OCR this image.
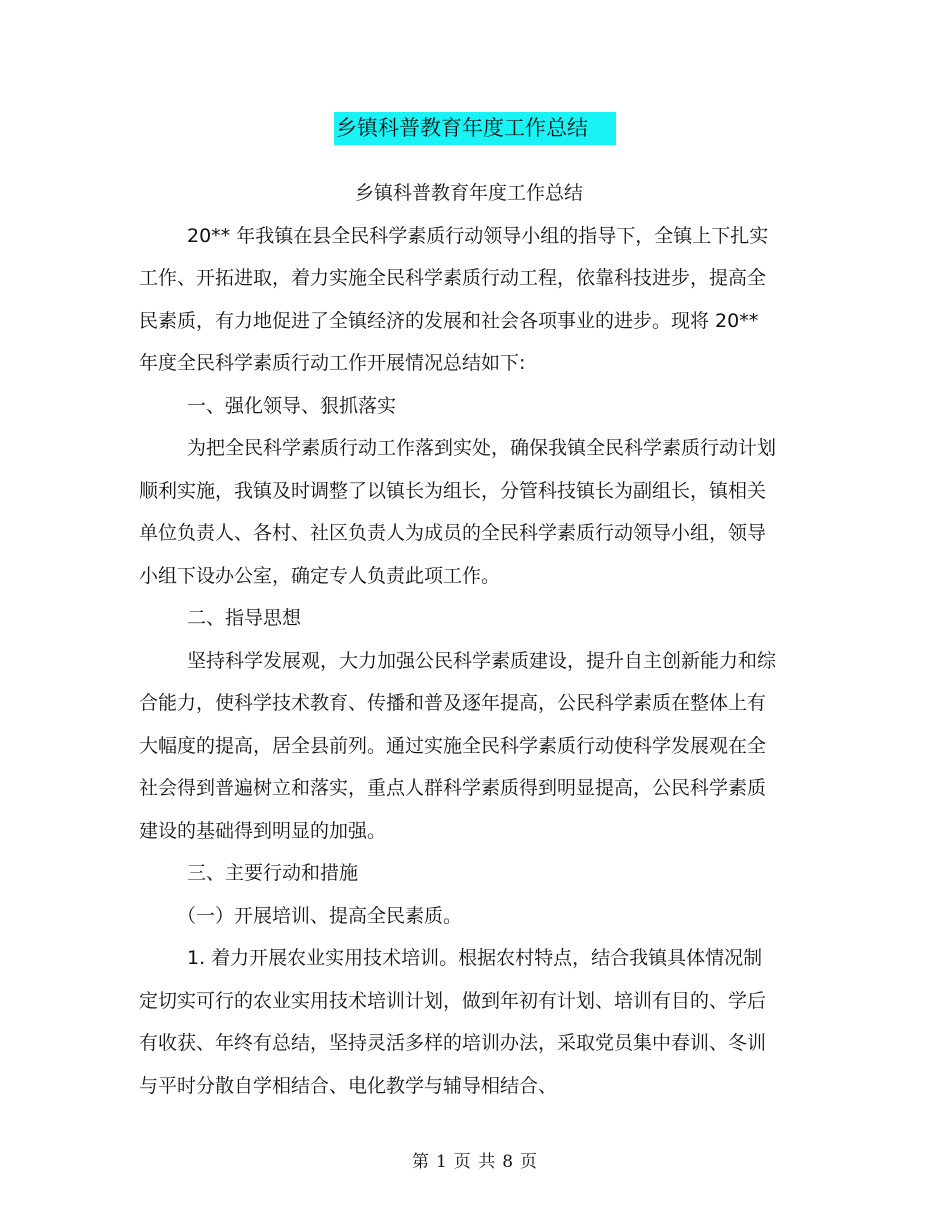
乡镇科普教育年度工作总结

乡镇科普教育年度工作总结

20** 年我镇在县全民科学素质行动领导小组的指导下，全镇上下扎实工作、开拓进取，着力实施全民科学素质行动工程，依靠科技进步，提高全民素质，有力地促进了全镇经济的发展和社会各项事业的进步。现将 20** 年度全民科学素质行动工作开展情况总结如下:

一、强化领导、狠抓落实

为把全民科学素质行动工作落到实处，确保我镇全民科学素质行动计划顺利实施，我镇及时调整了以镇长为组长，分管科技镇长为副组长，镇相关单位负责人、各村、社区负责人为成员的全民科学素质行动领导小组，领导小组下设办公室，确定专人负责此项工作。

二、指导思想

坚持科学发展观，大力加强公民科学素质建设，提升自主创新能力和综合能力，使科学技术教育、传播和普及逐年提高，公民科学素质在整体上有大幅度的提高，居全县前列。通过实施全民科学素质行动使科学发展观在全社会得到普遍树立和落实，重点人群科学素质得到明显提高，公民科学素质建设的基础得到明显的加强。

三、主要行动和措施

（一）开展培训、提高全民素质。

1. 着力开展农业实用技术培训。根据农村特点，结合我镇具体情况制定切实可行的农业实用技术培训计划，做到年初有计划、培训有目的、学后有收获、年终有总结，坚持灵活多样的培训办法，采取党员集中春训、冬训与平时分散自学相结合、电化教学与辅导相结合、

第 1 页 共 8 页
